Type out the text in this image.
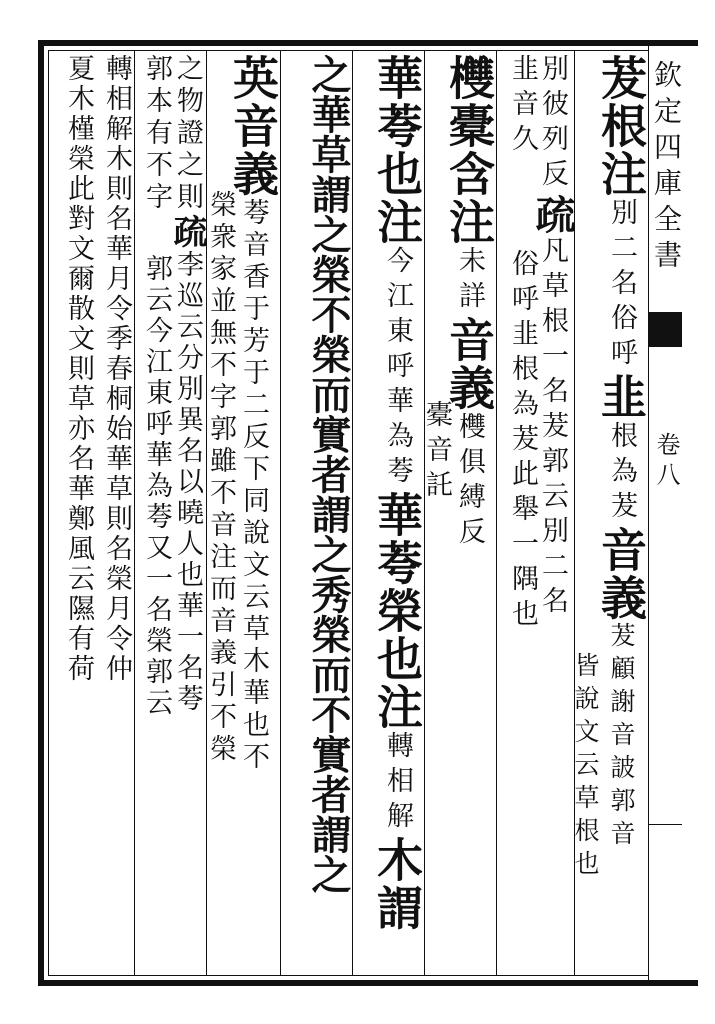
茇根注別二名俗呼韭根為茇音義茇顧謝音詖郭音
皆說文云草根也
別彼列反疏凡草根一名茇郭云別二名
韭音久俗呼韭根為茇此舉一隅也
欆橐含注未詳音義欆俱縛反
橐音託
華荂也注今江東呼華為荂華荂榮也注轉相解木謂
之華草謂之榮不榮而實者謂之秀榮而不實者謂之
英音義荂音香于芳于二反下同說文云草木華也不
榮衆家並無不字郭雖不音注而音義引不榮
之物證之則疏李巡云分別異名以曉人也華一名荂
郭本有不字郭云今江東呼華為荂又一名榮郭云
轉相解木則名華月令季春桐始華草則名榮月令仲
夏木槿榮此對文爾散文則草亦名華鄭風云隰有荷	欽定四庫全書
卷八
